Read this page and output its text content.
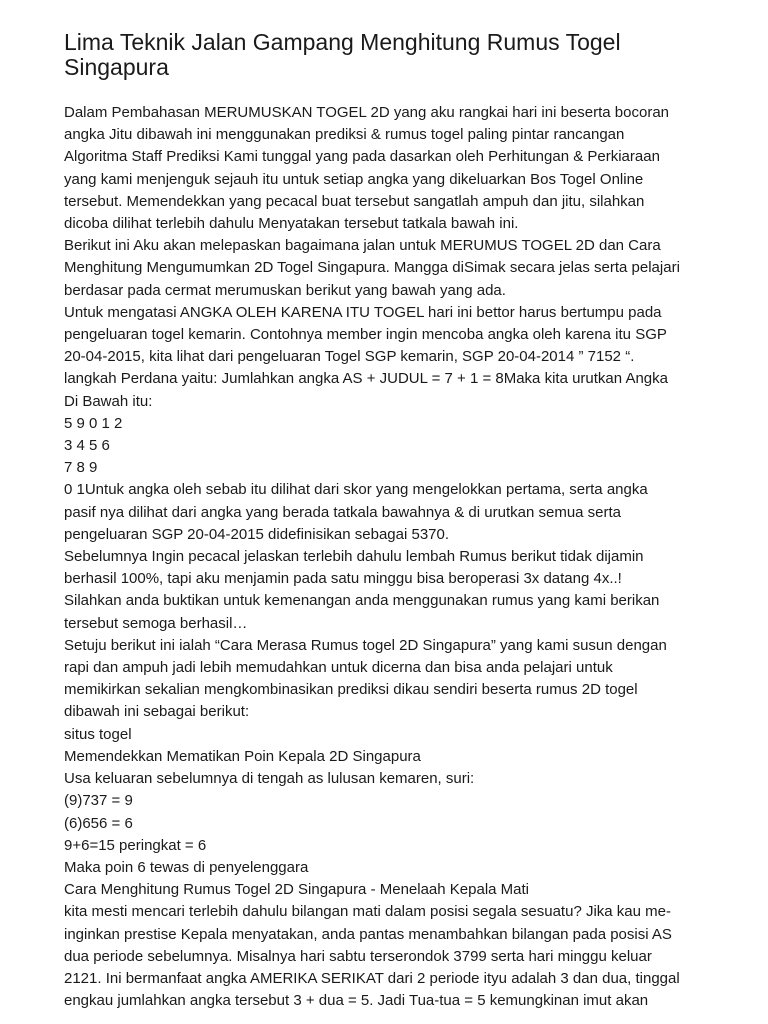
Lima Teknik Jalan Gampang Menghitung Rumus Togel
Singapura
Dalam Pembahasan MERUMUSKAN TOGEL 2D yang aku rangkai hari ini beserta bocoran
angka Jitu dibawah ini menggunakan prediksi & rumus togel paling pintar rancangan
Algoritma Staff Prediksi Kami tunggal yang pada dasarkan oleh Perhitungan & Perkiaraan
yang kami menjenguk sejauh itu untuk setiap angka yang dikeluarkan Bos Togel Online
tersebut. Memendekkan yang pecacal buat tersebut sangatlah ampuh dan jitu, silahkan
dicoba dilihat terlebih dahulu Menyatakan tersebut tatkala bawah ini.
Berikut ini Aku akan melepaskan bagaimana jalan untuk MERUMUS TOGEL 2D dan Cara
Menghitung Mengumumkan 2D Togel Singapura. Mangga diSimak secara jelas serta pelajari
berdasar pada cermat merumuskan berikut yang bawah yang ada.
Untuk mengatasi ANGKA OLEH KARENA ITU TOGEL hari ini bettor harus bertumpu pada
pengeluaran togel kemarin. Contohnya member ingin mencoba angka oleh karena itu SGP
20-04-2015, kita lihat dari pengeluaran Togel SGP kemarin, SGP 20-04-2014 ” 7152 “.
langkah Perdana yaitu: Jumlahkan angka AS + JUDUL = 7 + 1 = 8Maka kita urutkan Angka
Di Bawah itu:
5 9 0 1 2
3 4 5 6
7 8 9
0 1Untuk angka oleh sebab itu dilihat dari skor yang mengelokkan pertama, serta angka
pasif nya dilihat dari angka yang berada tatkala bawahnya & di urutkan semua serta
pengeluaran SGP 20-04-2015 didefinisikan sebagai 5370.
Sebelumnya Ingin pecacal jelaskan terlebih dahulu lembah Rumus berikut tidak dijamin
berhasil 100%, tapi aku menjamin pada satu minggu bisa beroperasi 3x datang 4x..!
Silahkan anda buktikan untuk kemenangan anda menggunakan rumus yang kami berikan
tersebut semoga berhasil…
Setuju berikut ini ialah “Cara Merasa Rumus togel 2D Singapura” yang kami susun dengan
rapi dan ampuh jadi lebih memudahkan untuk dicerna dan bisa anda pelajari untuk
memikirkan sekalian mengkombinasikan prediksi dikau sendiri beserta rumus 2D togel
dibawah ini sebagai berikut:
situs togel
Memendekkan Mematikan Poin Kepala 2D Singapura
Usa keluaran sebelumnya di tengah as lulusan kemaren, suri:
(9)737 = 9
(6)656 = 6
9+6=15 peringkat = 6
Maka poin 6 tewas di penyelenggara
Cara Menghitung Rumus Togel 2D Singapura - Menelaah Kepala Mati
kita mesti mencari terlebih dahulu bilangan mati dalam posisi segala sesuatu? Jika kau me-
inginkan prestise Kepala menyatakan, anda pantas menambahkan bilangan pada posisi AS
dua periode sebelumnya. Misalnya hari sabtu terserondok 3799 serta hari minggu keluar
2121. Ini bermanfaat angka AMERIKA SERIKAT dari 2 periode ityu adalah 3 dan dua, tinggal
engkau jumlahkan angka tersebut 3 + dua = 5. Jadi Tua-tua = 5 kemungkinan imut akan
